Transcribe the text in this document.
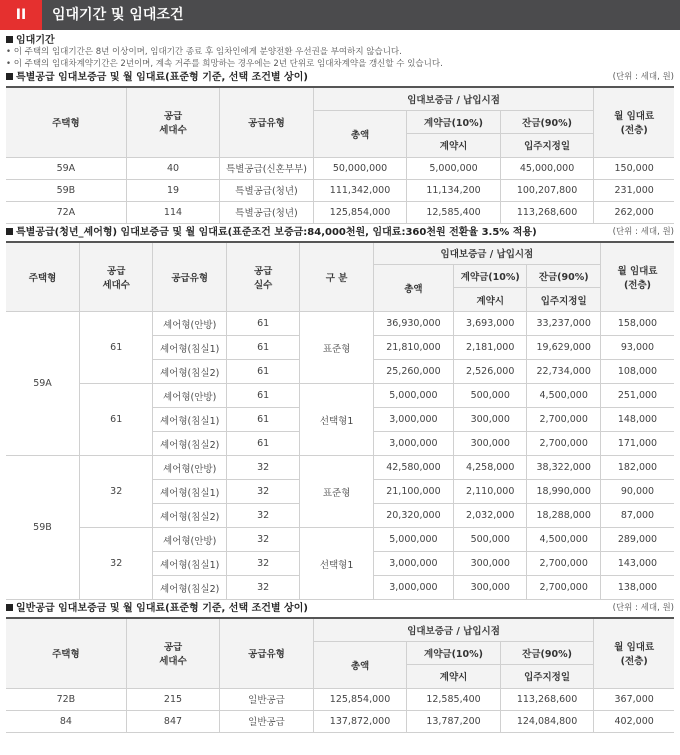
II	임대기간 및 임대조건
임대기간
• 이 주택의 임대기간은 8년 이상이며, 임대기간 종료 후 임차인에게 분양전환 우선권을 부여하지 않습니다.
• 이 주택의 임대차계약기간은 2년이며, 계속 거주를 희망하는 경우에는 2년 단위로 임대차계약을 갱신할 수 있습니다.
특별공급 임대보증금 및 월 임대료(표준형 기준, 선택 조건별 상이)	(단위 : 세대, 원)
주택형	공급
세대수	공급유형	임대보증금 / 납입시점			월 임대료
(전층)
			총액	계약금(10%)	잔금(90%)	
				계약시	입주지정일	
59A	40	특별공급(신혼부부)	50,000,000	5,000,000	45,000,000	150,000
59B	19	특별공급(청년)	111,342,000	11,134,200	100,207,800	231,000
72A	114	특별공급(청년)	125,854,000	12,585,400	113,268,600	262,000
특별공급(청년_셰어형) 임대보증금 및 월 임대료(표준조건 보증금:84,000천원, 임대료:360천원 전환율 3.5% 적용)	(단위 : 세대, 원)
주택형	공급
세대수	공급유형	공급
실수	구 분	임대보증금 / 납입시점			월 임대료
(전층)
					총액	계약금(10%)	잔금(90%)	
						계약시	입주지정일	
59A	61	셰어형(안방)	61	표준형	36,930,000	3,693,000	33,237,000	158,000
		셰어형(침실1)	61		21,810,000	2,181,000	19,629,000	93,000
		셰어형(침실2)	61		25,260,000	2,526,000	22,734,000	108,000
	61	셰어형(안방)	61	선택형1	5,000,000	500,000	4,500,000	251,000
		셰어형(침실1)	61		3,000,000	300,000	2,700,000	148,000
		셰어형(침실2)	61		3,000,000	300,000	2,700,000	171,000
59B	32	셰어형(안방)	32	표준형	42,580,000	4,258,000	38,322,000	182,000
		셰어형(침실1)	32		21,100,000	2,110,000	18,990,000	90,000
		셰어형(침실2)	32		20,320,000	2,032,000	18,288,000	87,000
	32	셰어형(안방)	32	선택형1	5,000,000	500,000	4,500,000	289,000
		셰어형(침실1)	32		3,000,000	300,000	2,700,000	143,000
		셰어형(침실2)	32		3,000,000	300,000	2,700,000	138,000
일반공급 임대보증금 및 월 임대료(표준형 기준, 선택 조건별 상이)	(단위 : 세대, 원)
주택형	공급
세대수	공급유형	임대보증금 / 납입시점			월 임대료
(전층)
			총액	계약금(10%)	잔금(90%)	
				계약시	입주지정일	
72B	215	일반공급	125,854,000	12,585,400	113,268,600	367,000
84	847	일반공급	137,872,000	13,787,200	124,084,800	402,000
